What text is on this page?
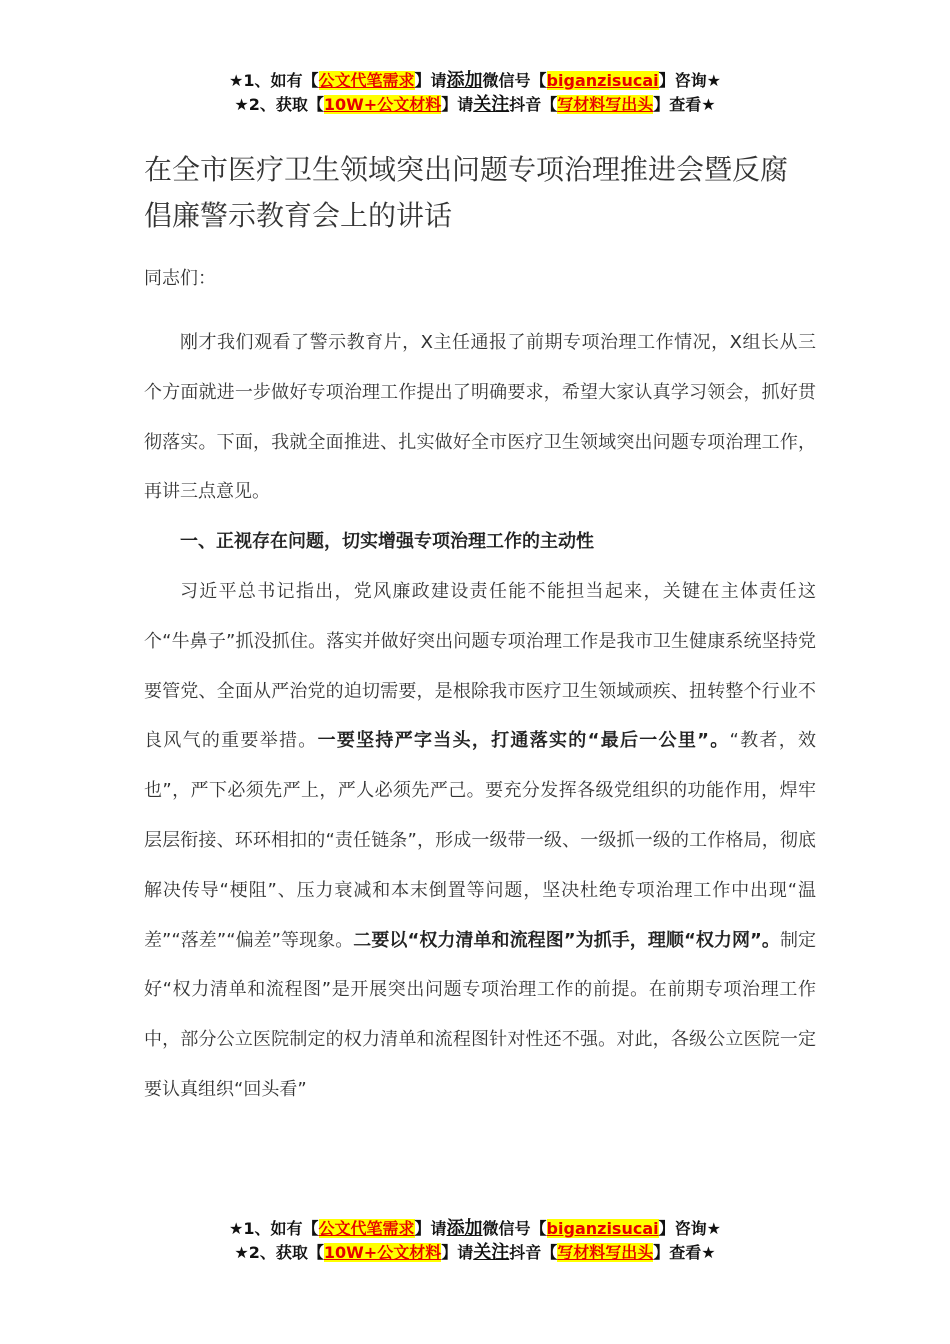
★1、如有【公文代笔需求】请添加微信号【biganzisucai】咨询★
★2、获取【10W+公文材料】请关注抖音【写材料写出头】查看★
在全市医疗卫生领域突出问题专项治理推进会暨反腐倡廉警示教育会上的讲话

同志们：

刚才我们观看了警示教育片，X主任通报了前期专项治理工作情况，X组长从三个方面就进一步做好专项治理工作提出了明确要求，希望大家认真学习领会，抓好贯彻落实。下面，我就全面推进、扎实做好全市医疗卫生领域突出问题专项治理工作，再讲三点意见。

一、正视存在问题，切实增强专项治理工作的主动性

习近平总书记指出，党风廉政建设责任能不能担当起来，关键在主体责任这个“牛鼻子”抓没抓住。落实并做好突出问题专项治理工作是我市卫生健康系统坚持党要管党、全面从严治党的迫切需要，是根除我市医疗卫生领域顽疾、扭转整个行业不良风气的重要举措。一要坚持严字当头，打通落实的“最后一公里”。“教者，效也”，严下必须先严上，严人必须先严己。要充分发挥各级党组织的功能作用，焊牢层层衔接、环环相扣的“责任链条”，形成一级带一级、一级抓一级的工作格局，彻底解决传导“梗阻”、压力衰减和本末倒置等问题，坚决杜绝专项治理工作中出现“温差”“落差”“偏差”等现象。二要以“权力清单和流程图”为抓手，理顺“权力网”。制定好“权力清单和流程图”是开展突出问题专项治理工作的前提。在前期专项治理工作中，部分公立医院制定的权力清单和流程图针对性还不强。对此，各级公立医院一定要认真组织“回头看”

★1、如有【公文代笔需求】请添加微信号【biganzisucai】咨询★
★2、获取【10W+公文材料】请关注抖音【写材料写出头】查看★
